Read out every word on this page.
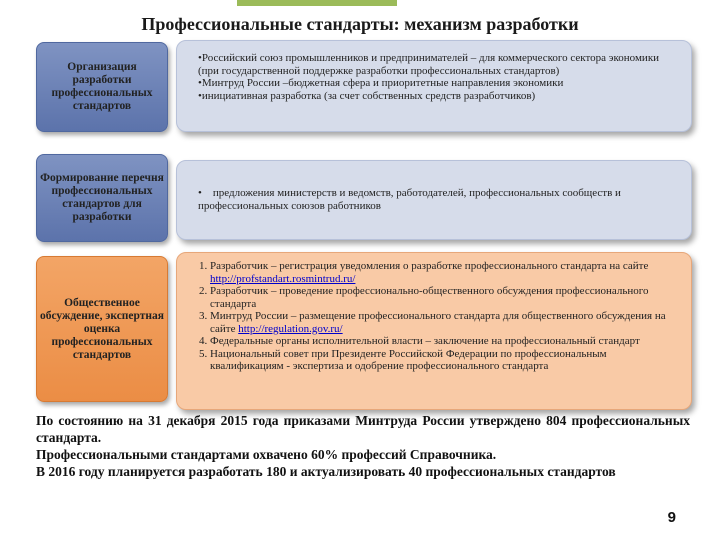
Профессиональные стандарты: механизм разработки
Организация разработки профессиональных стандартов

•Российский союз промышленников и предпринимателей – для коммерческого сектора экономики (при государственной поддержке разработки профессиональных стандартов)

•Минтруд России –бюджетная сфера и приоритетные направления экономики

•инициативная разработка (за счет собственных средств разработчиков)

Формирование перечня профессиональных стандартов для разработки

• предложения министерств и ведомств, работодателей, профессиональных сообществ и профессиональных союзов работников

Общественное обсуждение, экспертная оценка профессиональных стандартов
1. Разработчик – регистрация уведомления о разработке профессионального стандарта на сайте http://profstandart.rosmintrud.ru/
2. Разработчик – проведение профессионально-общественного обсуждения профессионального стандарта
3. Минтруд России – размещение профессионального стандарта для общественного обсуждения на сайте http://regulation.gov.ru/
4. Федеральные органы исполнительной власти – заключение на профессиональный стандарт
5. Национальный совет при Президенте Российской Федерации по профессиональным квалификациям - экспертиза и одобрение профессионального стандарта

По состоянию на 31 декабря 2015 года приказами Минтруда России утверждено 804 профессиональных стандарта.

Профессиональными стандартами охвачено 60% профессий Справочника.

В 2016 году планируется разработать 180 и актуализировать 40 профессиональных стандартов

9
